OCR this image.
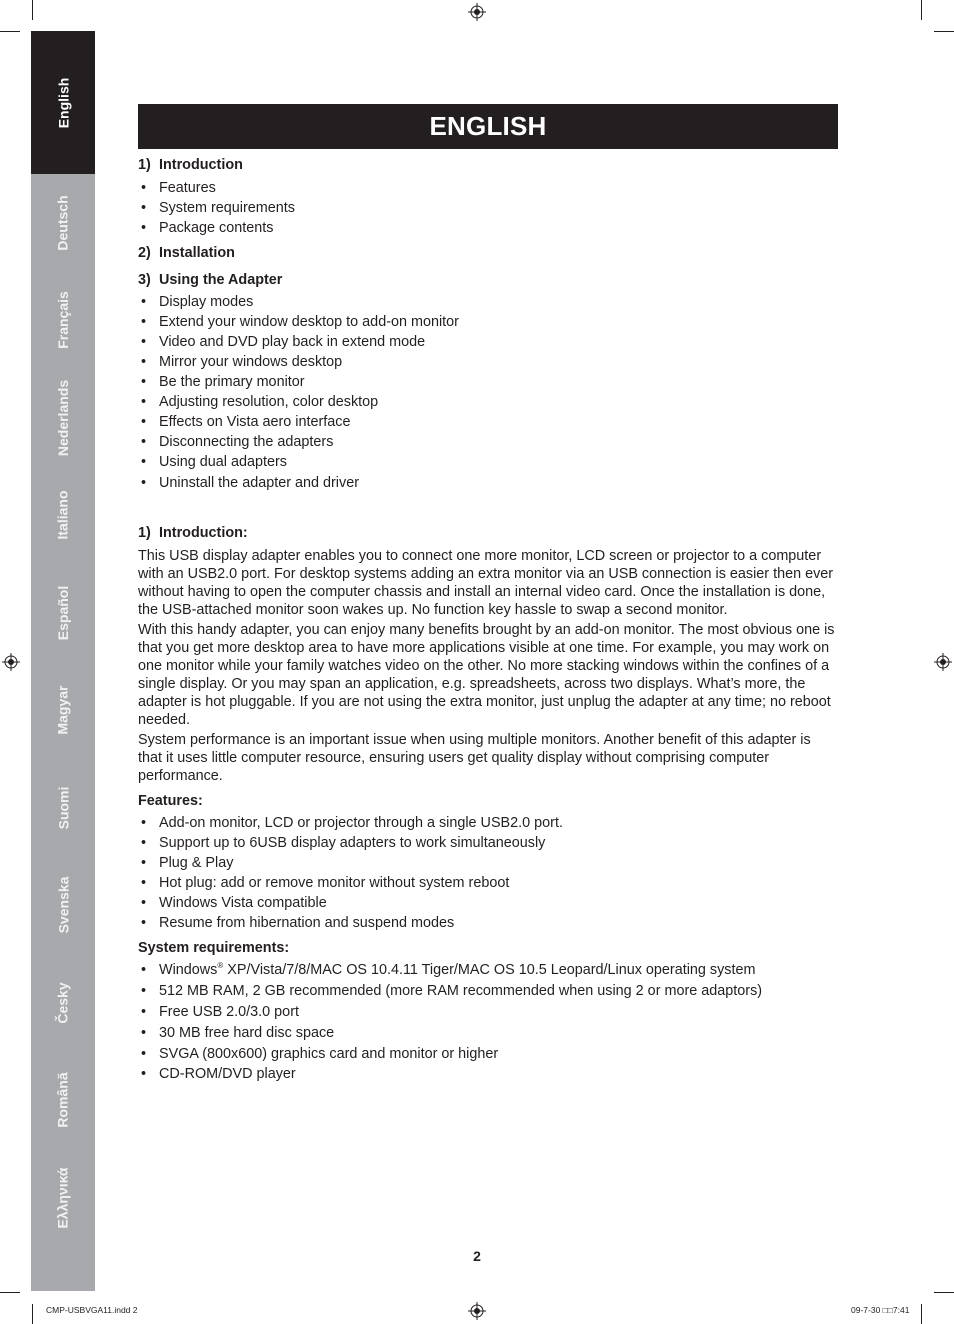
English
Deutsch
Français
Nederlands
Italiano
Español
Magyar
Suomi
Svenska
Česky
Română
Ελληνικά
ENGLISH

1) Introduction

• Features
• System requirements
• Package contents

2) Installation

3) Using the Adapter

• Display modes
• Extend your window desktop to add-on monitor
• Video and DVD play back in extend mode
• Mirror your windows desktop
• Be the primary monitor
• Adjusting resolution, color desktop
• Effects on Vista aero interface
• Disconnecting the adapters
• Using dual adapters
• Uninstall the adapter and driver

1) Introduction:

This USB display adapter enables you to connect one more monitor, LCD screen or projector to a computer with an USB2.0 port. For desktop systems adding an extra monitor via an USB connection is easier then ever without having to open the computer chassis and install an internal video card. Once the installation is done, the USB-attached monitor soon wakes up. No function key hassle to swap a second monitor.

With this handy adapter, you can enjoy many benefits brought by an add-on monitor. The most obvious one is that you get more desktop area to have more applications visible at one time. For example, you may work on one monitor while your family watches video on the other. No more stacking windows within the confines of a single display. Or you may span an application, e.g. spreadsheets, across two displays. What’s more, the adapter is hot pluggable. If you are not using the extra monitor, just unplug the adapter at any time; no reboot needed.

System performance is an important issue when using multiple monitors. Another benefit of this adapter is that it uses little computer resource, ensuring users get quality display without comprising computer performance.

Features:

• Add-on monitor, LCD or projector through a single USB2.0 port.
• Support up to 6USB display adapters to work simultaneously
• Plug & Play
• Hot plug: add or remove monitor without system reboot
• Windows Vista compatible
• Resume from hibernation and suspend modes

System requirements:

• Windows® XP/Vista/7/8/MAC OS 10.4.11 Tiger/MAC OS 10.5 Leopard/Linux operating system
• 512 MB RAM, 2 GB recommended (more RAM recommended when using 2 or more adaptors)
• Free USB 2.0/3.0 port
• 30 MB free hard disc space
• SVGA (800x600) graphics card and monitor or higher
• CD-ROM/DVD player
2
CMP-USBVGA11.indd 2	09-7-30 □□7:41
